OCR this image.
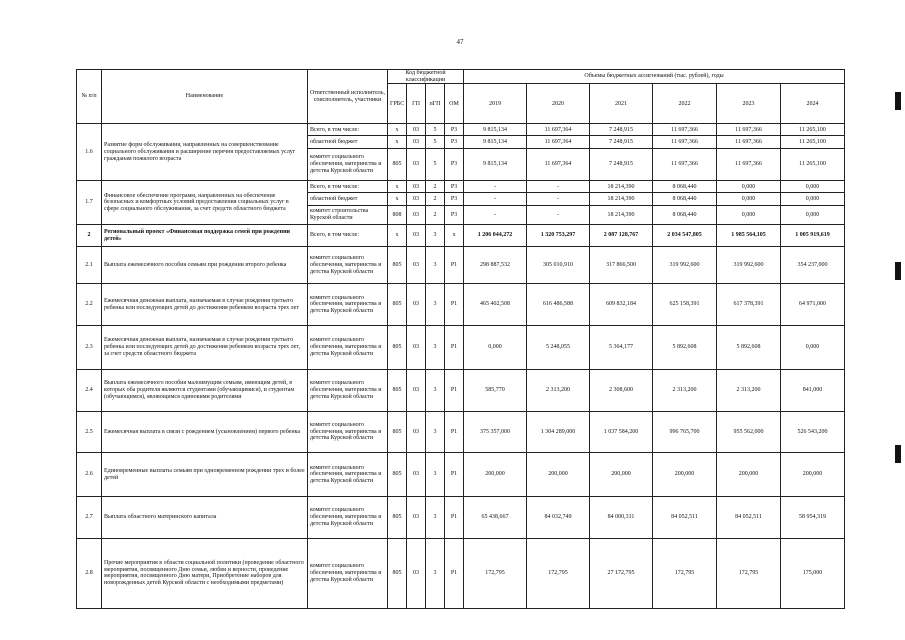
47
№ п/п	Наименование	Ответственный исполнитель, соисполнитель, участники	Код бюджетной классификации				Объемы бюджетных ассигнований (тыс. рублей), годы					
			ГРБС	ГП	пГП	ОМ	2019	2020	2021	2022	2023	2024
1.6	Развитие форм обслуживания, направленных на совершенствование социального обслуживания и расширение перечня предоставляемых услуг гражданам пожилого возраста	Всего, в том числе:	х	03	5	Р3	9 815,134	11 697,364	7 248,915	11 697,366	11 697,366	11 265,100
		областной бюджет	х	03	5	Р3	9 815,134	11 697,364	7 248,915	11 697,366	11 697,366	11 265,100
		комитет социального обеспечения, материнства и детства Курской области	805	03	5	Р3	9 815,134	11 697,364	7 248,915	11 697,366	11 697,366	11 265,100
1.7	Финансовое обеспечение программ, направленных на обеспечение безопасных и комфортных условий предоставления социальных услуг в сфере социального обслуживания, за счет средств областного бюджета	Всего, в том числе:	х	03	2	Р3	-	-	18 214,390	8 068,440	0,000	0,000
		областной бюджет	х	03	2	Р3	-	-	18 214,390	8 068,440	0,000	0,000
		комитет строительства Курской области	808	03	2	Р3	-	-	18 214,390	8 068,440	0,000	0,000
2	Региональный проект «Финансовая поддержка семей при рождении детей»	Всего, в том числе:	х	03	3	х	1 206 044,272	1 320 753,297	2 087 128,767	2 034 547,805	1 985 564,105	1 005 919,619
2.1	Выплата ежемесячного пособия семьям при рождении второго ребенка	комитет социального обеспечения, материнства и детства Курской области	805	03	3	Р1	298 887,532	305 010,910	317 866,500	319 992,600	319 992,600	354 237,000
2.2	Ежемесячная денежная выплата, назначаемая в случае рождения третьего ребенка или последующих детей до достижения ребенком возраста трех лет	комитет социального обеспечения, материнства и детства Курской области	805	03	3	Р1	465 402,508	616 486,588	609 832,184	625 158,391	617 378,391	64 971,000
2.3	Ежемесячная денежная выплата, назначаемая в случае рождения третьего ребенка или последующих детей до достижения ребенком возраста трех лет, за счет средств областного бюджета	комитет социального обеспечения, материнства и детства Курской области	805	03	3	Р1	0,000	5 248,055	5 364,177	5 892,608	5 892,608	0,000
2.4	Выплата ежемесячного пособия малоимущим семьям, имеющим детей, в которых оба родителя являются студентами (обучающимися), и студентам (обучающимся), являющимся одинокими родителями	комитет социального обеспечения, материнства и детства Курской области	805	03	3	Р1	585,770	2 313,200	2 308,600	2 313,200	2 313,200	841,000
2.5	Ежемесячная выплата в связи с рождением (усыновлением) первого ребенка	комитет социального обеспечения, материнства и детства Курской области	805	03	3	Р1	375 357,000	1 304 289,000	1 037 584,200	996 765,700	955 562,000	526 543,200
2.6	Единовременные выплаты семьям при одновременном рождении трех и более детей	комитет социального обеспечения, материнства и детства Курской области	805	03	3	Р1	200,000	200,000	200,000	200,000	200,000	200,000
2.7	Выплата областного материнского капитала	комитет социального обеспечения, материнства и детства Курской области	805	03	3	Р1	65 438,667	84 032,749	84 000,311	84 052,511	84 052,511	58 954,319
2.8	Прочие мероприятия в области социальной политики (проведение областного мероприятия, посвященного Дню семьи, любви и верности, проведение мероприятия, посвященного Дню матери, Приобретение наборов для новорожденных детей Курской области с необходимыми предметами)	комитет социального обеспечения, материнства и детства Курской области	805	03	3	Р1	172,795	172,795	27 172,795	172,795	172,795	175,000
